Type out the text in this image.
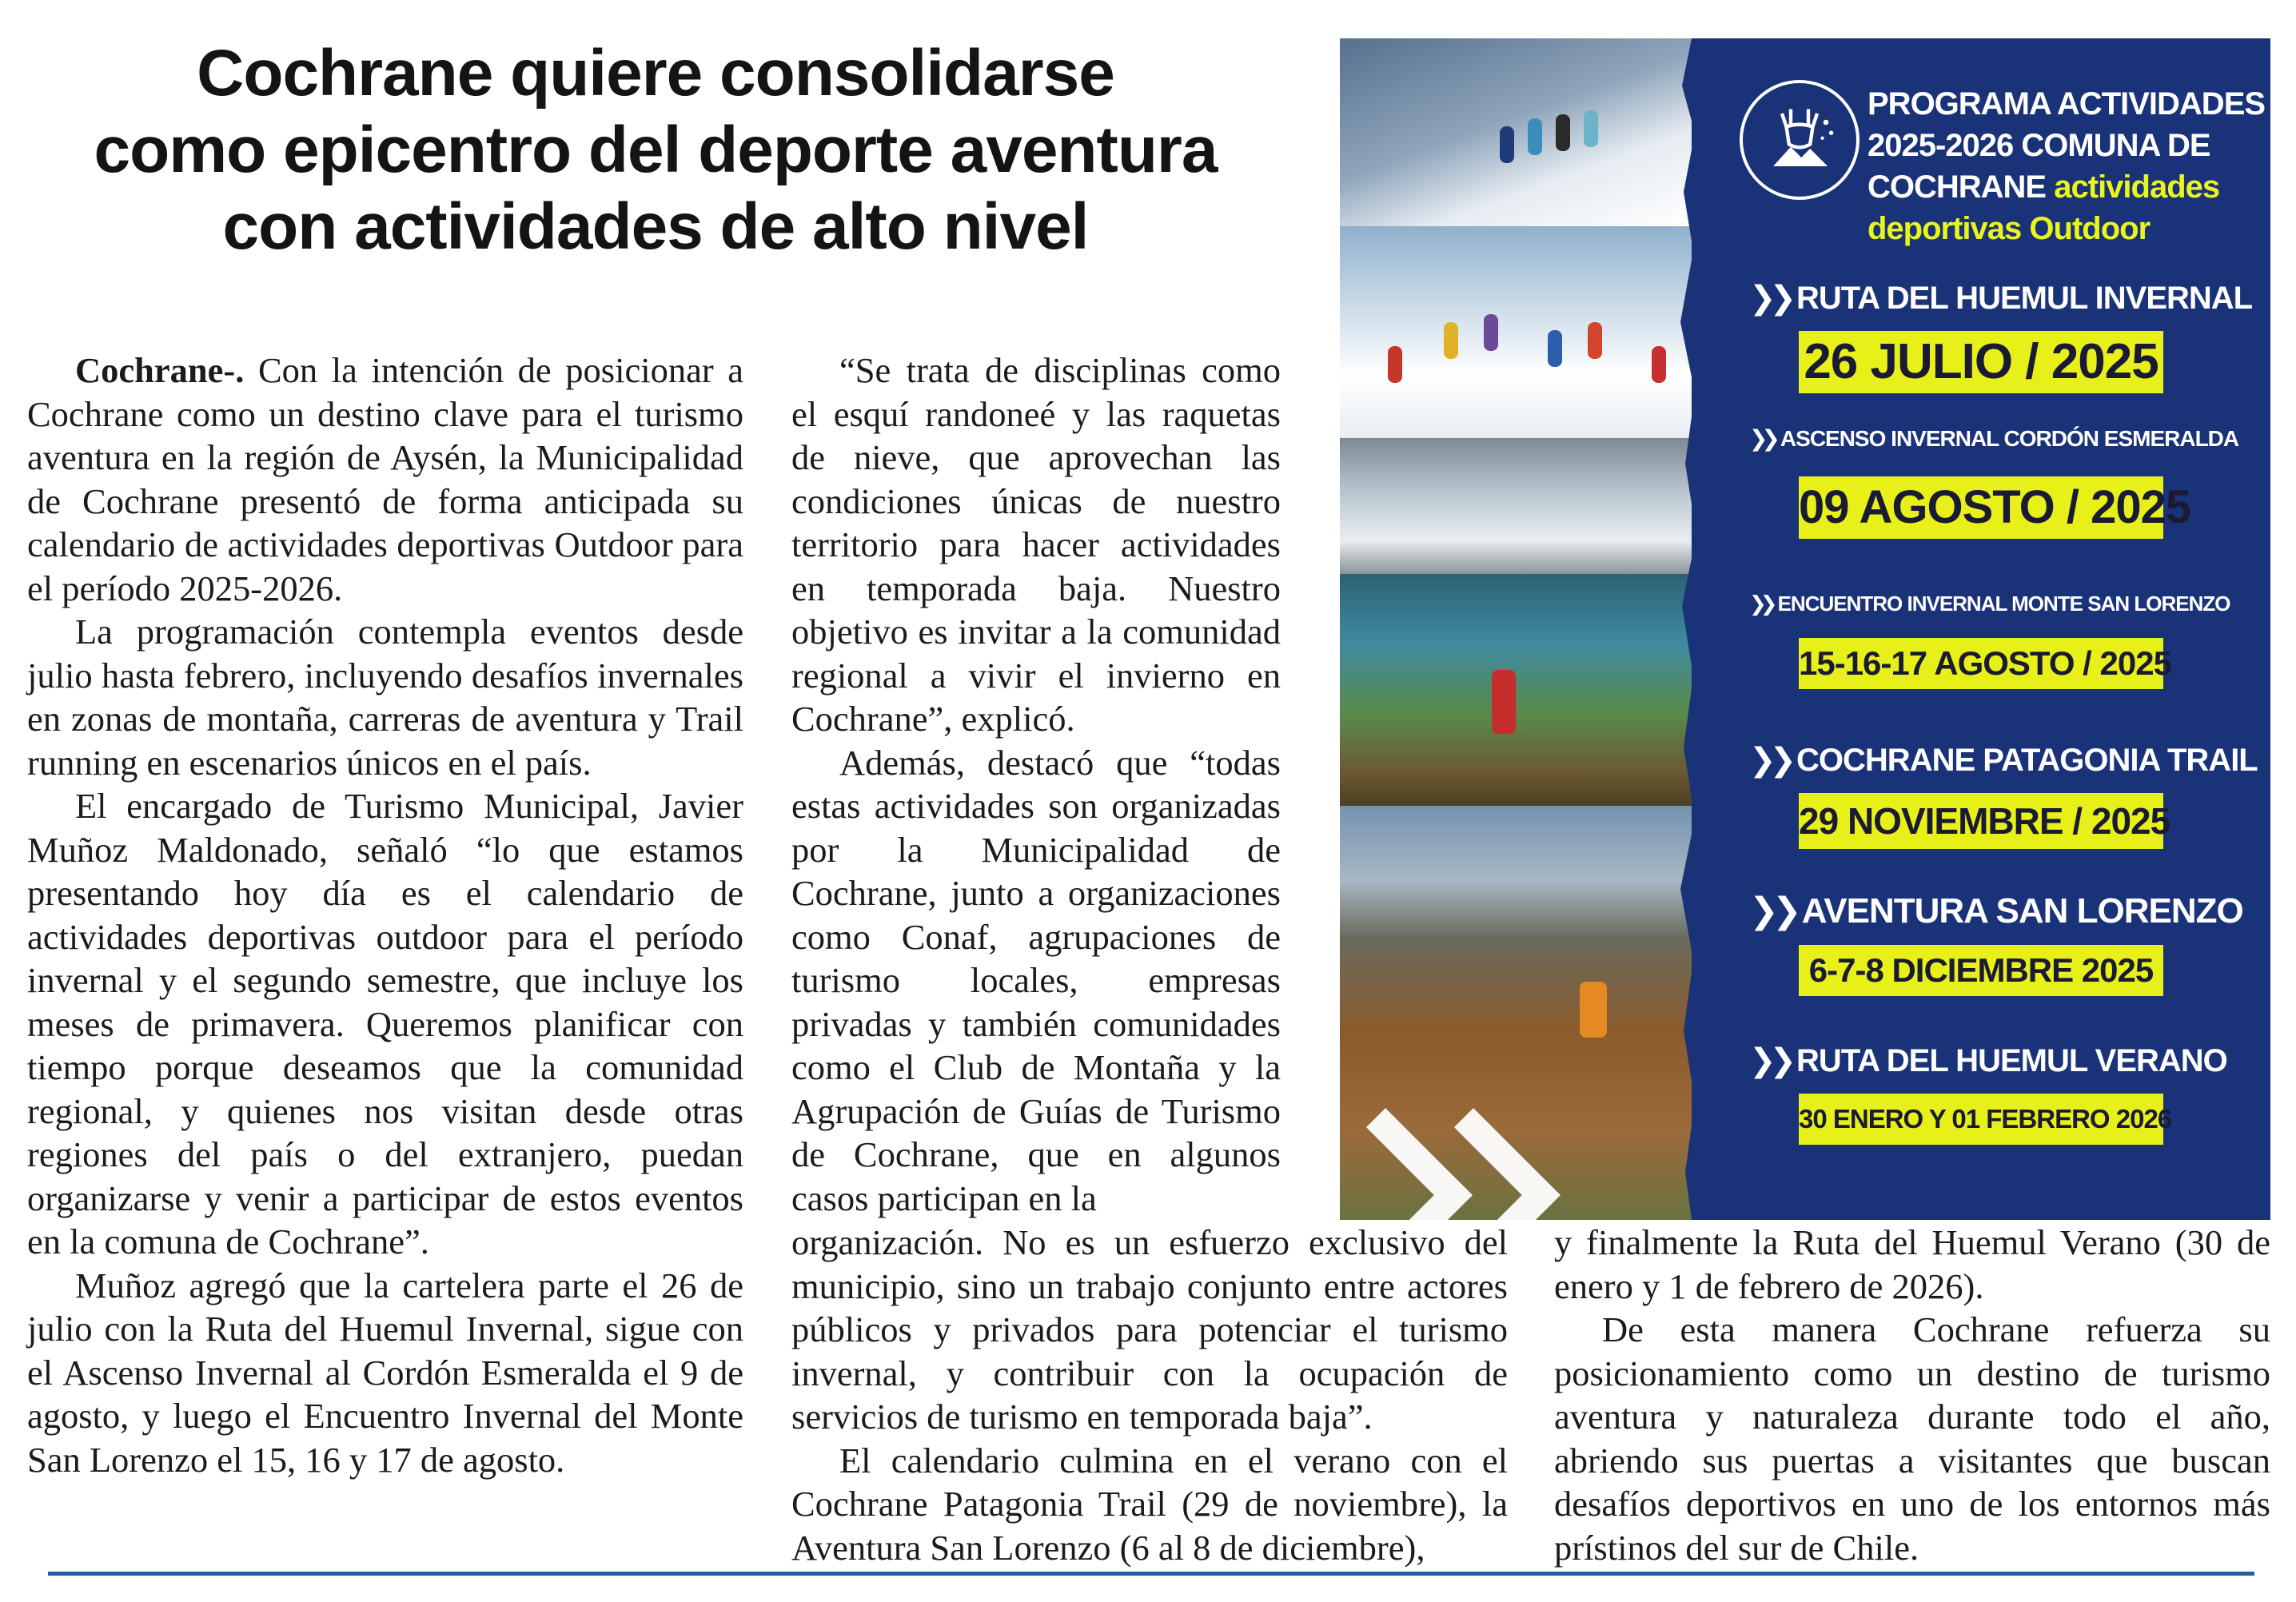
Cochrane quiere consolidarse
como epicentro del deporte aventura
con actividades de alto nivel

Cochrane-. Con la intención de posicionar a Cochrane como un destino clave para el turismo aventura en la región de Aysén, la Municipalidad de Cochrane presentó de forma anticipada su calendario de actividades deportivas Outdoor para el período 2025-2026.

La programación contempla eventos desde julio hasta febrero, incluyendo desafíos invernales en zonas de montaña, carreras de aventura y Trail running en escenarios únicos en el país.

El encargado de Turismo Municipal, Javier Muñoz Maldonado, señaló “lo que estamos presentando hoy día es el calendario de actividades deportivas outdoor para el período invernal y el segundo semestre, que incluye los meses de primavera. Queremos planificar con tiempo porque deseamos que la comunidad regional, y quienes nos visitan desde otras regiones del país o del extranjero, puedan organizarse y venir a participar de estos eventos en la comuna de Cochrane”.

Muñoz agregó que la cartelera parte el 26 de julio con la Ruta del Huemul Invernal, sigue con el Ascenso Invernal al Cordón Esmeralda el 9 de agosto, y luego el Encuentro Invernal del Monte San Lorenzo el 15, 16 y 17 de agosto.

“Se trata de disciplinas como el esquí randoneé y las raquetas de nieve, que aprovechan las condiciones únicas de nuestro territorio para hacer actividades en temporada baja. Nuestro objetivo es invitar a la comunidad regional a vivir el invierno en Cochrane”, explicó.

Además, destacó que “todas estas actividades son organizadas por la Municipalidad de Cochrane, junto a organizaciones como Conaf, agrupaciones de turismo locales, empresas privadas y también comunidades como el Club de Montaña y la Agrupación de Guías de Turismo de Cochrane, que en algunos casos participan en la

organización. No es un esfuerzo exclusivo del municipio, sino un trabajo conjunto entre actores públicos y privados para potenciar el turismo invernal, y contribuir con la ocupación de servicios de turismo en temporada baja”.

El calendario culmina en el verano con el Cochrane Patagonia Trail (29 de noviembre), la Aventura San Lorenzo (6 al 8 de diciembre),

y finalmente la Ruta del Huemul Verano (30 de enero y 1 de febrero de 2026).

De esta manera Cochrane refuerza su posicionamiento como un destino de turismo aventura y naturaleza durante todo el año, abriendo sus puertas a visitantes que buscan desafíos deportivos en uno de los entornos más prístinos del sur de Chile.

PROGRAMA ACTIVIDADES
2025-2026 COMUNA DE
COCHRANE actividades
deportivas Outdoor
❯❯ RUTA DEL HUEMUL INVERNAL
26 JULIO / 2025
❯❯ ASCENSO INVERNAL CORDÓN ESMERALDA
09 AGOSTO / 2025
❯❯ ENCUENTRO INVERNAL MONTE SAN LORENZO
15-16-17 AGOSTO / 2025
❯❯ COCHRANE PATAGONIA TRAIL
29 NOVIEMBRE / 2025
❯❯ AVENTURA SAN LORENZO
6-7-8 DICIEMBRE 2025
❯❯ RUTA DEL HUEMUL VERANO
30 ENERO Y 01 FEBRERO 2026
